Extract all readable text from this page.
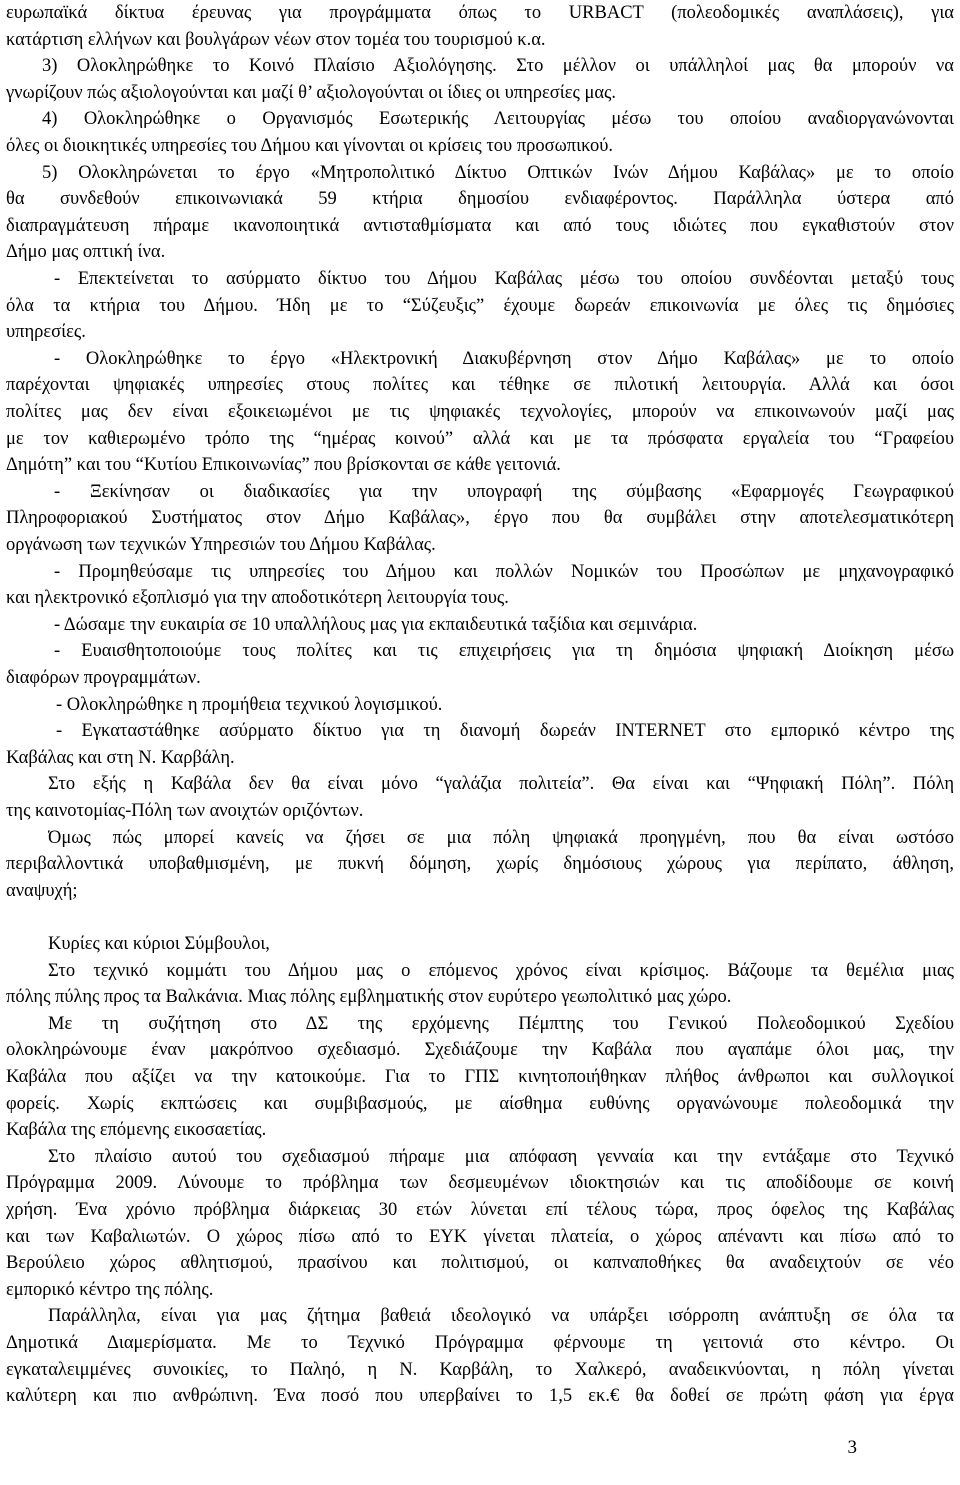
ευρωπαϊκά δίκτυα έρευνας για προγράμματα όπως το URBACT (πολεοδομικές αναπλάσεις), για
κατάρτιση ελλήνων και βουλγάρων νέων στον τομέα του τουρισμού κ.α.
3) Ολοκληρώθηκε το Κοινό Πλαίσιο Αξιολόγησης. Στο μέλλον οι υπάλληλοί μας θα μπορούν να
γνωρίζουν πώς αξιολογούνται και μαζί θ’ αξιολογούνται οι ίδιες οι υπηρεσίες μας.
4) Ολοκληρώθηκε ο Οργανισμός Εσωτερικής Λειτουργίας μέσω του οποίου αναδιοργανώνονται
όλες οι διοικητικές υπηρεσίες του Δήμου και γίνονται οι κρίσεις του προσωπικού.
5) Ολοκληρώνεται το έργο «Μητροπολιτικό Δίκτυο Οπτικών Ινών Δήμου Καβάλας» με το οποίο
θα συνδεθούν επικοινωνιακά 59 κτήρια δημοσίου ενδιαφέροντος. Παράλληλα ύστερα από
διαπραγμάτευση πήραμε ικανοποιητικά αντισταθμίσματα και από τους ιδιώτες που εγκαθιστούν στον
Δήμο μας οπτική ίνα.
- Επεκτείνεται το ασύρματο δίκτυο του Δήμου Καβάλας μέσω του οποίου συνδέονται μεταξύ τους
όλα τα κτήρια του Δήμου. Ήδη με το “Σύζευξις” έχουμε δωρεάν επικοινωνία με όλες τις δημόσιες
υπηρεσίες.
- Ολοκληρώθηκε το έργο «Ηλεκτρονική Διακυβέρνηση στον Δήμο Καβάλας» με το οποίο
παρέχονται ψηφιακές υπηρεσίες στους πολίτες και τέθηκε σε πιλοτική λειτουργία. Αλλά και όσοι
πολίτες μας δεν είναι εξοικειωμένοι με τις ψηφιακές τεχνολογίες, μπορούν να επικοινωνούν μαζί μας
με τον καθιερωμένο τρόπο της “ημέρας κοινού” αλλά και με τα πρόσφατα εργαλεία του “Γραφείου
Δημότη” και του “Κυτίου Επικοινωνίας” που βρίσκονται σε κάθε γειτονιά.
- Ξεκίνησαν οι διαδικασίες για την υπογραφή της σύμβασης «Εφαρμογές Γεωγραφικού
Πληροφοριακού Συστήματος στον Δήμο Καβάλας», έργο που θα συμβάλει στην αποτελεσματικότερη
οργάνωση των τεχνικών Υπηρεσιών του Δήμου Καβάλας.
- Προμηθεύσαμε τις υπηρεσίες του Δήμου και πολλών Νομικών του Προσώπων με μηχανογραφικό
και ηλεκτρονικό εξοπλισμό για την αποδοτικότερη λειτουργία τους.
- Δώσαμε την ευκαιρία σε 10 υπαλλήλους μας για εκπαιδευτικά ταξίδια και σεμινάρια.
- Ευαισθητοποιούμε τους πολίτες και τις επιχειρήσεις για τη δημόσια ψηφιακή Διοίκηση μέσω
διαφόρων προγραμμάτων.
- Ολοκληρώθηκε η προμήθεια τεχνικού λογισμικού.
- Εγκαταστάθηκε ασύρματο δίκτυο για τη διανομή δωρεάν INTERNET στο εμπορικό κέντρο της
Καβάλας και στη Ν. Καρβάλη.
Στο εξής η Καβάλα δεν θα είναι μόνο “γαλάζια πολιτεία”. Θα είναι και “Ψηφιακή Πόλη”. Πόλη
της καινοτομίας-Πόλη των ανοιχτών οριζόντων.
Όμως πώς μπορεί κανείς να ζήσει σε μια πόλη ψηφιακά προηγμένη, που θα είναι ωστόσο
περιβαλλοντικά υποβαθμισμένη, με πυκνή δόμηση, χωρίς δημόσιους χώρους για περίπατο, άθληση,
αναψυχή;
Κυρίες και κύριοι Σύμβουλοι,
Στο τεχνικό κομμάτι του Δήμου μας ο επόμενος χρόνος είναι κρίσιμος. Βάζουμε τα θεμέλια μιας
πόλης πύλης προς τα Βαλκάνια. Μιας πόλης εμβληματικής στον ευρύτερο γεωπολιτικό μας χώρο.
Με τη συζήτηση στο ΔΣ της ερχόμενης Πέμπτης του Γενικού Πολεοδομικού Σχεδίου
ολοκληρώνουμε έναν μακρόπνοο σχεδιασμό. Σχεδιάζουμε την Καβάλα που αγαπάμε όλοι μας, την
Καβάλα που αξίζει να την κατοικούμε. Για το ΓΠΣ κινητοποιήθηκαν πλήθος άνθρωποι και συλλογικοί
φορείς. Χωρίς εκπτώσεις και συμβιβασμούς, με αίσθημα ευθύνης οργανώνουμε πολεοδομικά την
Καβάλα της επόμενης εικοσαετίας.
Στο πλαίσιο αυτού του σχεδιασμού πήραμε μια απόφαση γενναία και την εντάξαμε στο Τεχνικό
Πρόγραμμα 2009. Λύνουμε το πρόβλημα των δεσμευμένων ιδιοκτησιών και τις αποδίδουμε σε κοινή
χρήση. Ένα χρόνιο πρόβλημα διάρκειας 30 ετών λύνεται επί τέλους τώρα, προς όφελος της Καβάλας
και των Καβαλιωτών. Ο χώρος πίσω από το ΕΥΚ γίνεται πλατεία, ο χώρος απέναντι και πίσω από το
Βερούλειο χώρος αθλητισμού, πρασίνου και πολιτισμού, οι καπναποθήκες θα αναδειχτούν σε νέο
εμπορικό κέντρο της πόλης.
Παράλληλα, είναι για μας ζήτημα βαθειά ιδεολογικό να υπάρξει ισόρροπη ανάπτυξη σε όλα τα
Δημοτικά Διαμερίσματα. Με το Τεχνικό Πρόγραμμα φέρνουμε τη γειτονιά στο κέντρο. Οι
εγκαταλειμμένες συνοικίες, το Παληό, η Ν. Καρβάλη, το Χαλκερό, αναδεικνύονται, η πόλη γίνεται
καλύτερη και πιο ανθρώπινη. Ένα ποσό που υπερβαίνει το 1,5 εκ.€ θα δοθεί σε πρώτη φάση για έργα
3
